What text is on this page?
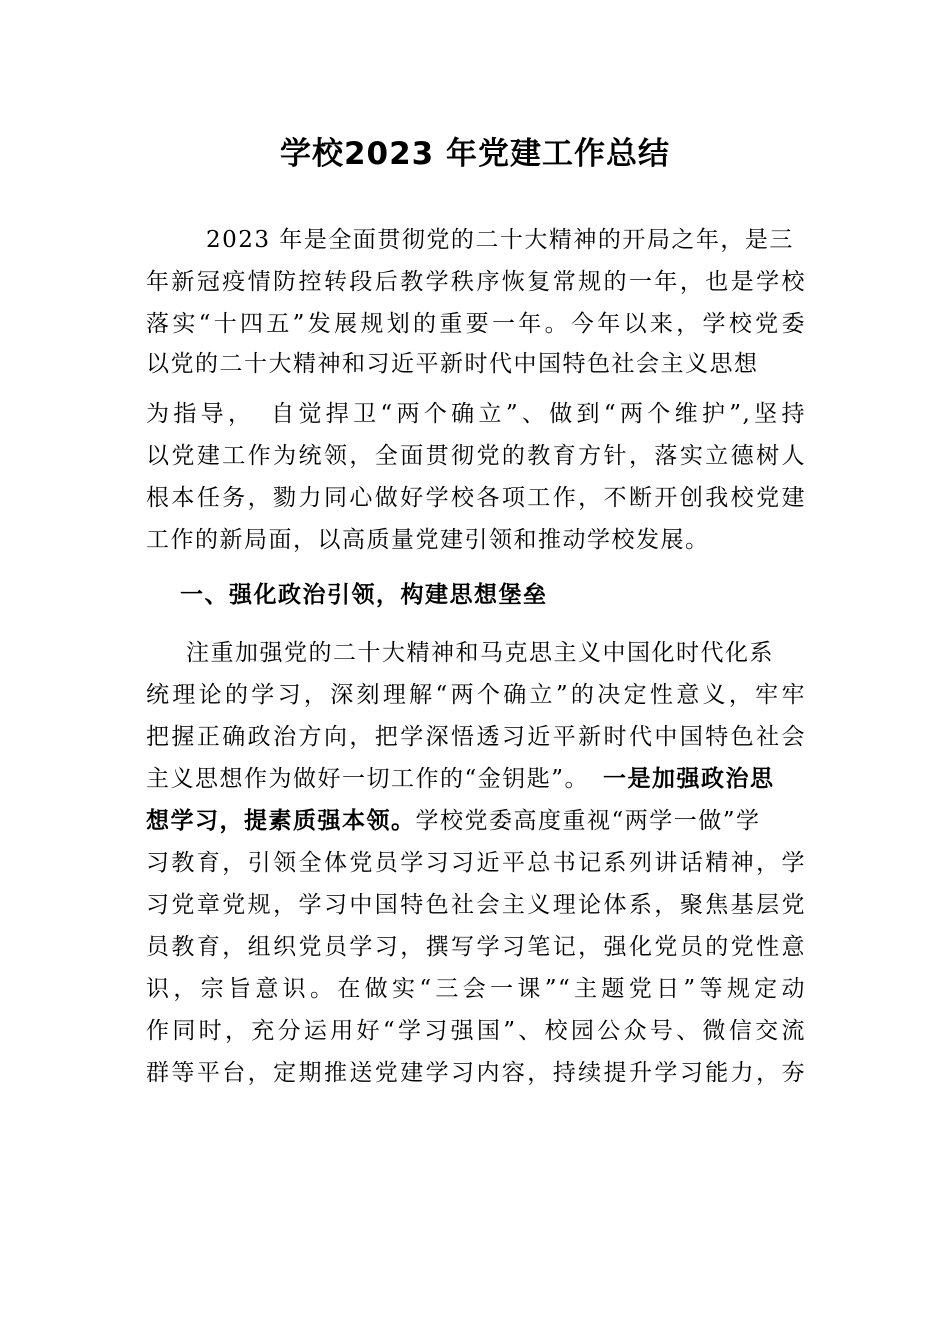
学校2023 年党建工作总结

2023 年是全面贯彻党的二十大精神的开局之年，是三

年新冠疫情防控转段后教学秩序恢复常规的一年，也是学校

落实“十四五”发展规划的重要一年。今年以来，学校党委

以党的二十大精神和习近平新时代中国特色社会主义思想

为指导，　自觉捍卫“两个确立”、做到“两个维护”,坚持

以党建工作为统领，全面贯彻党的教育方针，落实立德树人

根本任务，勠力同心做好学校各项工作，不断开创我校党建

工作的新局面，以高质量党建引领和推动学校发展。

一、强化政治引领，构建思想堡垒

注重加强党的二十大精神和马克思主义中国化时代化系

统理论的学习，深刻理解“两个确立”的决定性意义，牢牢

把握正确政治方向，把学深悟透习近平新时代中国特色社会

主义思想作为做好一切工作的“金钥匙”。 一是加强政治思

想学习，提素质强本领。学校党委高度重视“两学一做”学

习教育，引领全体党员学习习近平总书记系列讲话精神，学

习党章党规，学习中国特色社会主义理论体系，聚焦基层党

员教育，组织党员学习，撰写学习笔记，强化党员的党性意

识，宗旨意识。在做实“三会一课”“主题党日”等规定动

作同时，充分运用好“学习强国”、校园公众号、微信交流

群等平台，定期推送党建学习内容，持续提升学习能力，夯
